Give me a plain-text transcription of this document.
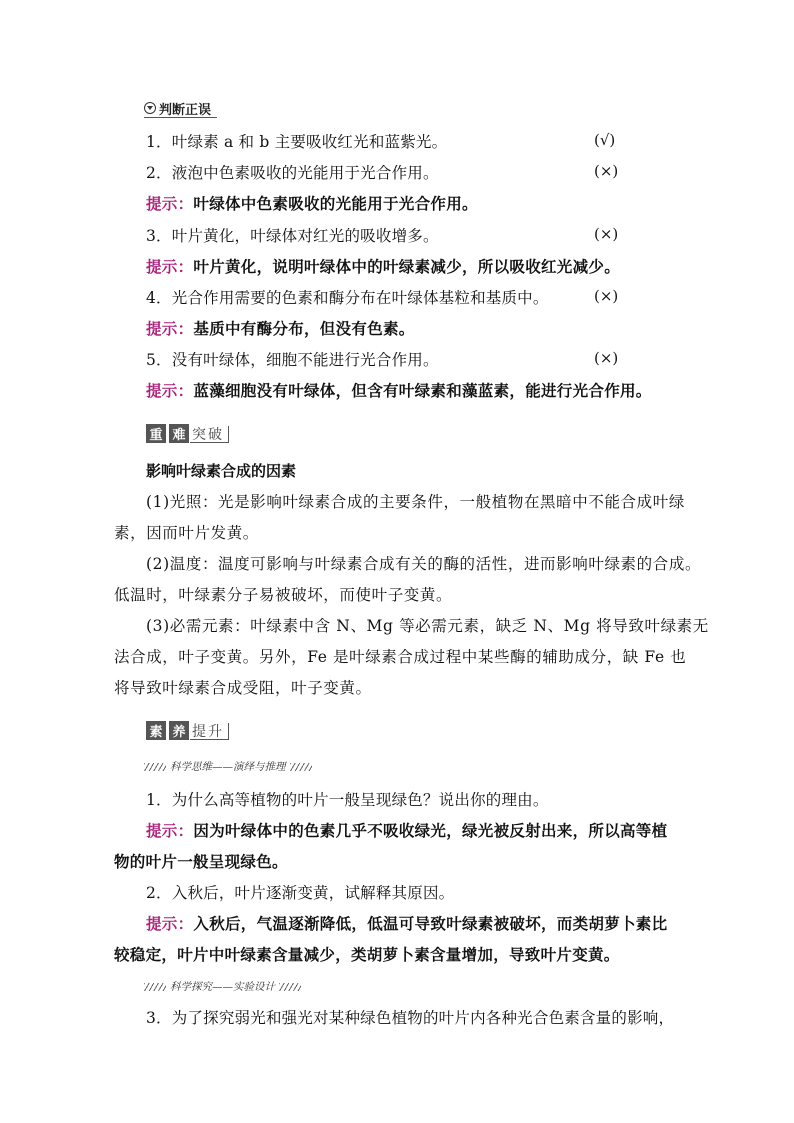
判断正误
1．叶绿素 a 和 b 主要吸收红光和蓝紫光。	(√)
2．液泡中色素吸收的光能用于光合作用。	(×)
提示：叶绿体中色素吸收的光能用于光合作用。
3．叶片黄化，叶绿体对红光的吸收增多。	(×)
提示：叶片黄化，说明叶绿体中的叶绿素减少，所以吸收红光减少。
4．光合作用需要的色素和酶分布在叶绿体基粒和基质中。	(×)
提示：基质中有酶分布，但没有色素。
5．没有叶绿体，细胞不能进行光合作用。	(×)
提示：蓝藻细胞没有叶绿体，但含有叶绿素和藻蓝素，能进行光合作用。
重 难 突破
影响叶绿素合成的因素
(1)光照：光是影响叶绿素合成的主要条件，一般植物在黑暗中不能合成叶绿
素，因而叶片发黄。
(2)温度：温度可影响与叶绿素合成有关的酶的活性，进而影响叶绿素的合成。
低温时，叶绿素分子易被破坏，而使叶子变黄。
(3)必需元素：叶绿素中含 N、Mg 等必需元素，缺乏 N、Mg 将导致叶绿素无
法合成，叶子变黄。另外，Fe 是叶绿素合成过程中某些酶的辅助成分，缺 Fe 也
将导致叶绿素合成受阻，叶子变黄。
素 养 提升
科学思维——演绎与推理
1．为什么高等植物的叶片一般呈现绿色？说出你的理由。
提示：因为叶绿体中的色素几乎不吸收绿光，绿光被反射出来，所以高等植
物的叶片一般呈现绿色。
2．入秋后，叶片逐渐变黄，试解释其原因。
提示：入秋后，气温逐渐降低，低温可导致叶绿素被破坏，而类胡萝卜素比
较稳定，叶片中叶绿素含量减少，类胡萝卜素含量增加，导致叶片变黄。
科学探究——实验设计
3．为了探究弱光和强光对某种绿色植物的叶片内各种光合色素含量的影响，
